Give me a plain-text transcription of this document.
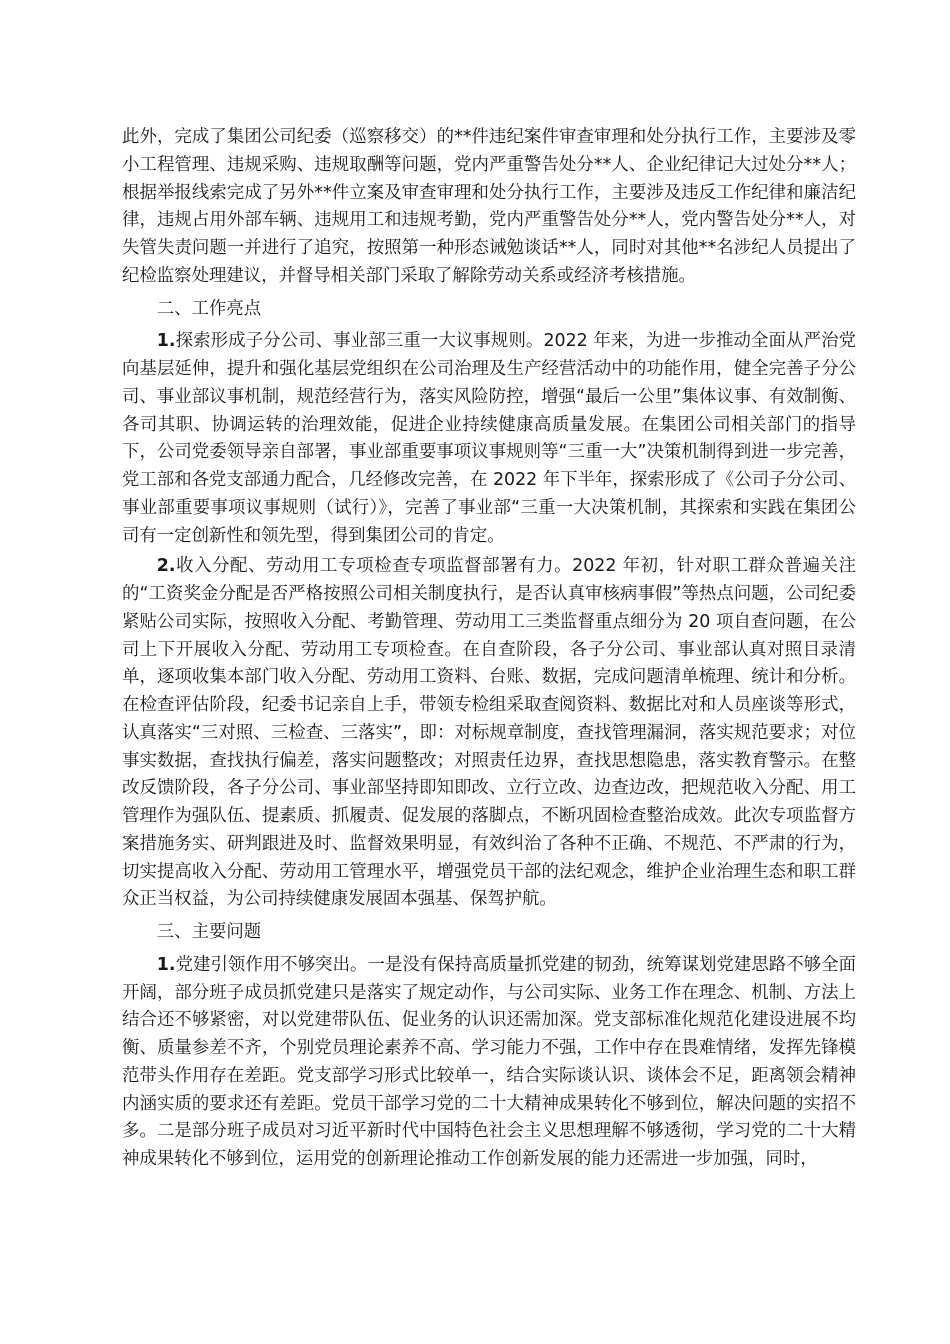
此外，完成了集团公司纪委（巡察移交）的**件违纪案件审查审理和处分执行工作，主要涉及零小工程管理、违规采购、违规取酬等问题，党内严重警告处分**人、企业纪律记大过处分**人；根据举报线索完成了另外**件立案及审查审理和处分执行工作，主要涉及违反工作纪律和廉洁纪律，违规占用外部车辆、违规用工和违规考勤，党内严重警告处分**人，党内警告处分**人，对失管失责问题一并进行了追究，按照第一种形态诫勉谈话**人，同时对其他**名涉纪人员提出了纪检监察处理建议，并督导相关部门采取了解除劳动关系或经济考核措施。

二、工作亮点

1.探索形成子分公司、事业部三重一大议事规则。2022 年来，为进一步推动全面从严治党向基层延伸，提升和强化基层党组织在公司治理及生产经营活动中的功能作用，健全完善子分公司、事业部议事机制，规范经营行为，落实风险防控，增强“最后一公里”集体议事、有效制衡、各司其职、协调运转的治理效能，促进企业持续健康高质量发展。在集团公司相关部门的指导下，公司党委领导亲自部署，事业部重要事项议事规则等“三重一大”决策机制得到进一步完善，党工部和各党支部通力配合，几经修改完善，在 2022 年下半年，探索形成了《公司子分公司、事业部重要事项议事规则（试行）》，完善了事业部“三重一大决策机制，其探索和实践在集团公司有一定创新性和领先型，得到集团公司的肯定。

2.收入分配、劳动用工专项检查专项监督部署有力。2022 年初，针对职工群众普遍关注的“工资奖金分配是否严格按照公司相关制度执行，是否认真审核病事假”等热点问题，公司纪委紧贴公司实际，按照收入分配、考勤管理、劳动用工三类监督重点细分为 20 项自查问题，在公司上下开展收入分配、劳动用工专项检查。在自查阶段，各子分公司、事业部认真对照目录清单，逐项收集本部门收入分配、劳动用工资料、台账、数据，完成问题清单梳理、统计和分析。在检查评估阶段，纪委书记亲自上手，带领专检组采取查阅资料、数据比对和人员座谈等形式，认真落实“三对照、三检查、三落实”，即：对标规章制度，查找管理漏洞，落实规范要求；对位事实数据，查找执行偏差，落实问题整改；对照责任边界，查找思想隐患，落实教育警示。在整改反馈阶段，各子分公司、事业部坚持即知即改、立行立改、边查边改，把规范收入分配、用工管理作为强队伍、提素质、抓履责、促发展的落脚点，不断巩固检查整治成效。此次专项监督方案措施务实、研判跟进及时、监督效果明显，有效纠治了各种不正确、不规范、不严肃的行为，切实提高收入分配、劳动用工管理水平，增强党员干部的法纪观念，维护企业治理生态和职工群众正当权益，为公司持续健康发展固本强基、保驾护航。

三、主要问题

1.党建引领作用不够突出。一是没有保持高质量抓党建的韧劲，统筹谋划党建思路不够全面开阔，部分班子成员抓党建只是落实了规定动作，与公司实际、业务工作在理念、机制、方法上结合还不够紧密，对以党建带队伍、促业务的认识还需加深。党支部标准化规范化建设进展不均衡、质量参差不齐，个别党员理论素养不高、学习能力不强，工作中存在畏难情绪，发挥先锋模范带头作用存在差距。党支部学习形式比较单一，结合实际谈认识、谈体会不足，距离领会精神内涵实质的要求还有差距。党员干部学习党的二十大精神成果转化不够到位，解决问题的实招不多。二是部分班子成员对习近平新时代中国特色社会主义思想理解不够透彻，学习党的二十大精神成果转化不够到位，运用党的创新理论推动工作创新发展的能力还需进一步加强，同时，
